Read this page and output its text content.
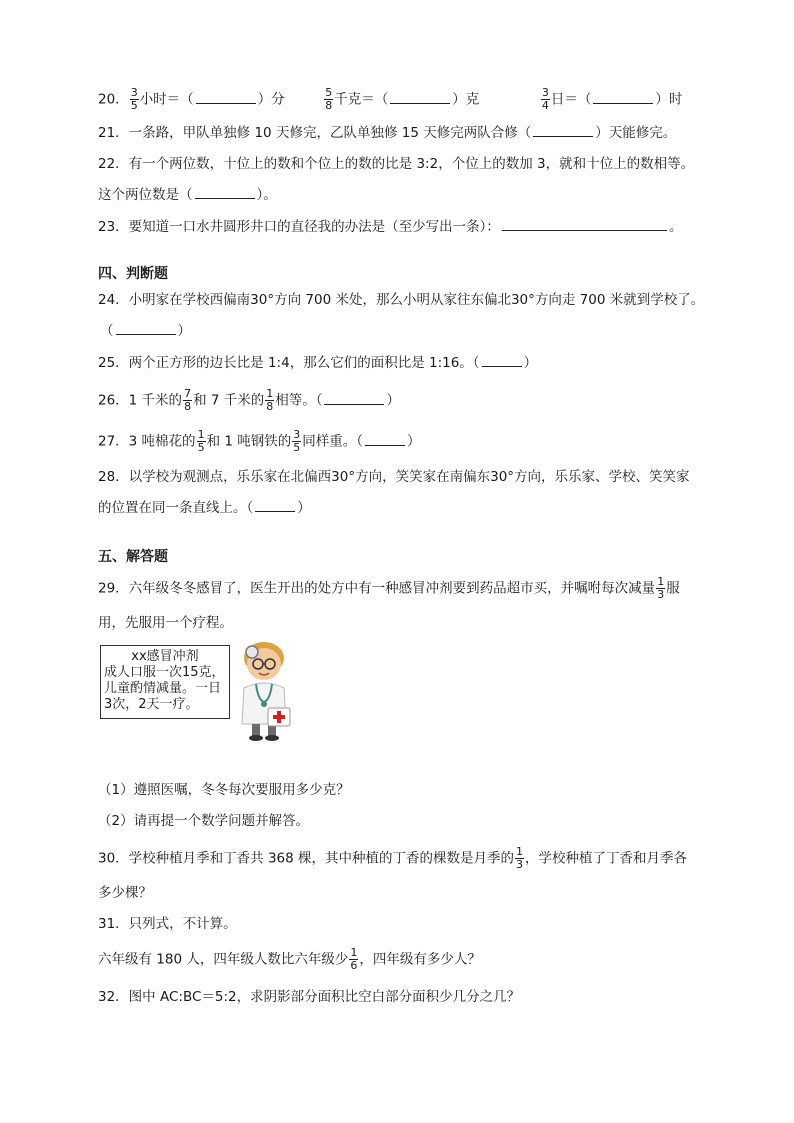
20． $\frac{3}{5}$ 小时＝（	）分	$\frac{5}{8}$ 千克＝（	）克	$\frac{3}{4}$ 日＝（	）时
21．一条路，甲队单独修 10 天修完，乙队单独修 15 天修完两队合修（	）天能修完。
22．有一个两位数，十位上的数和个位上的数的比是 3:2，个位上的数加 3，就和十位上的数相等。
这个两位数是（	）。
23．要知道一口水井圆形井口的直径我的办法是（至少写出一条）：	。
四、判断题
24．小明家在学校西偏南30°方向 700 米处，那么小明从家往东偏北30°方向走 700 米就到学校了。
（	）
25．两个正方形的边长比是 1:4，那么它们的面积比是 1:16。（	）
26．1 千米的 $\frac{7}{8}$ 和 7 千米的 $\frac{1}{8}$ 相等。（	）
27．3 吨棉花的 $\frac{1}{5}$ 和 1 吨钢铁的 $\frac{3}{5}$ 同样重。（	）
28．以学校为观测点，乐乐家在北偏西30°方向，笑笑家在南偏东30°方向，乐乐家、学校、笑笑家
的位置在同一条直线上。（	）
五、解答题
29．六年级冬冬感冒了，医生开出的处方中有一种感冒冲剂要到药品超市买，并嘱咐每次减量 $\frac{1}{3}$ 服
用，先服用一个疗程。
xx感冒冲剂
成人口服一次15克，
儿童酌情减量。一日
3次，2天一疗。
（1）遵照医嘱，冬冬每次要服用多少克？
（2）请再提一个数学问题并解答。
30．学校种植月季和丁香共 368 棵，其中种植的丁香的棵数是月季的 $\frac{1}{3}$ ，学校种植了丁香和月季各
多少棵？
31．只列式，不计算。
六年级有 180 人，四年级人数比六年级少 $\frac{1}{6}$ ，四年级有多少人？
32．图中 AC:BC＝5:2，求阴影部分面积比空白部分面积少几分之几？
